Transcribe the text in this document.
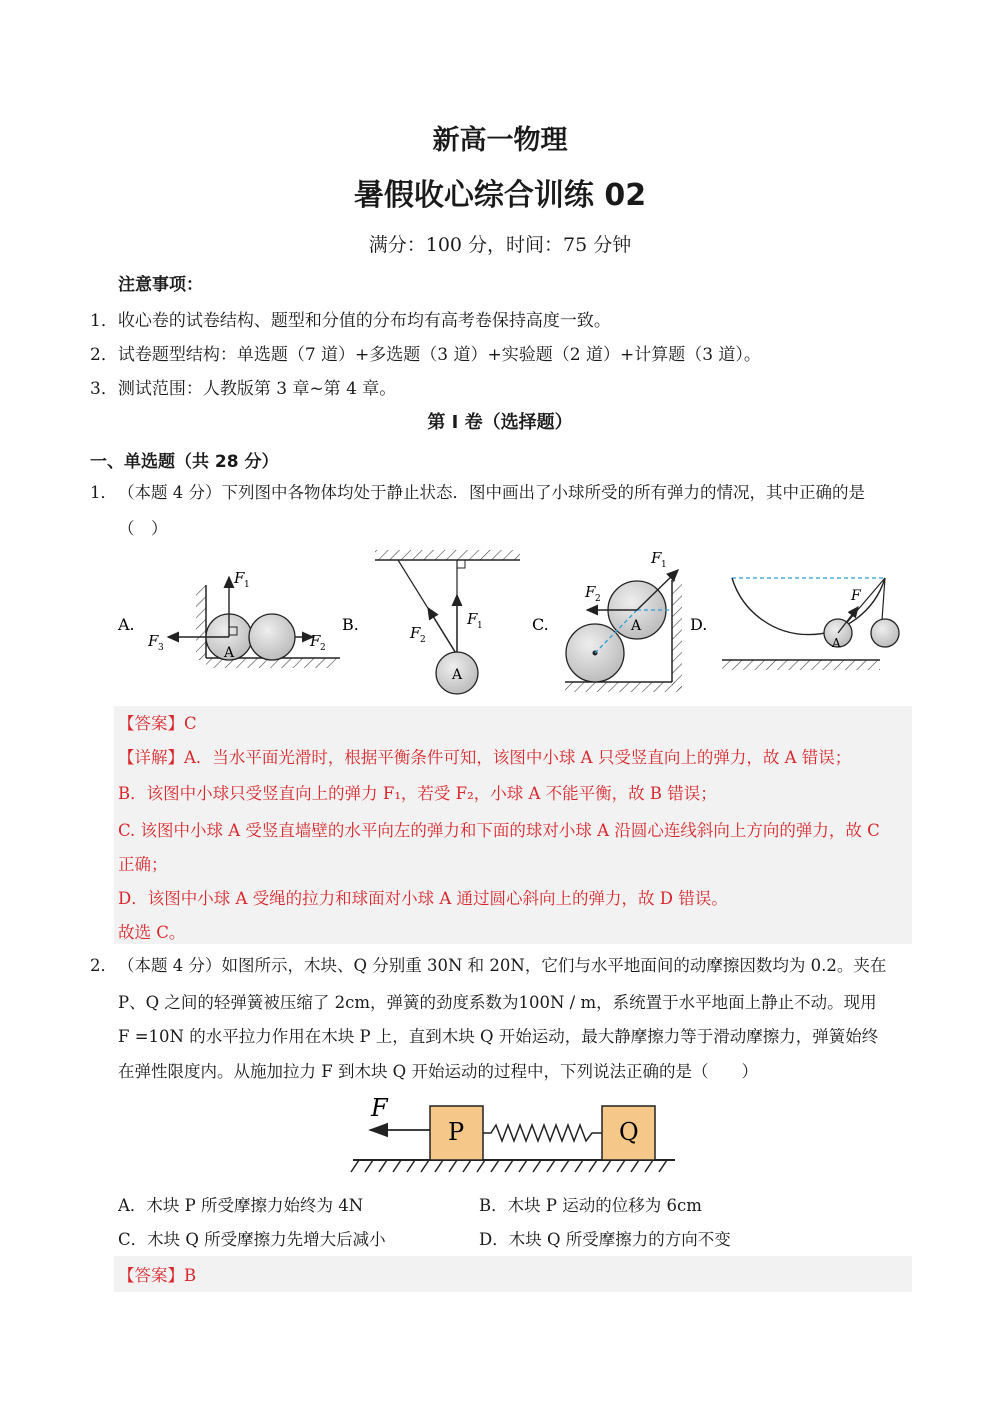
新高一物理
暑假收心综合训练 02
满分：100 分，时间：75 分钟
注意事项：
1．收心卷的试卷结构、题型和分值的分布均有高考卷保持高度一致。
2．试卷题型结构：单选题（7 道）+多选题（3 道）+实验题（2 道）+计算题（3 道）。
3．测试范围：人教版第 3 章~第 4 章。
第 I 卷（选择题）
一、单选题（共 28 分）
1．（本题 4 分）下列图中各物体均处于静止状态．图中画出了小球所受的所有弹力的情况，其中正确的是
（　）
A.
A
F 1
F 3	F 2
B.
A
F 1
F 2
C.	A
F 1
F 2
D.
A
F
【答案】C
【详解】A．当水平面光滑时，根据平衡条件可知，该图中小球 A 只受竖直向上的弹力，故 A 错误；
B．该图中小球只受竖直向上的弹力 F₁，若受 F₂，小球 A 不能平衡，故 B 错误；
C. 该图中小球 A 受竖直墙壁的水平向左的弹力和下面的球对小球 A 沿圆心连线斜向上方向的弹力，故 C
正确；
D．该图中小球 A 受绳的拉力和球面对小球 A 通过圆心斜向上的弹力，故 D 错误。
故选 C。
2．（本题 4 分）如图所示，木块、Q 分别重 30N 和 20N，它们与水平地面间的动摩擦因数均为 0.2。夹在
P、Q 之间的轻弹簧被压缩了 2cm，弹簧的劲度系数为100N / m，系统置于水平地面上静止不动。现用
F =10N 的水平拉力作用在木块 P 上，直到木块 Q 开始运动，最大静摩擦力等于滑动摩擦力，弹簧始终
在弹性限度内。从施加拉力 F 到木块 Q 开始运动的过程中，下列说法正确的是（　　）
F
P	Q
A．木块 P 所受摩擦力始终为 4N	B．木块 P 运动的位移为 6cm
C．木块 Q 所受摩擦力先增大后减小	D．木块 Q 所受摩擦力的方向不变
【答案】B
